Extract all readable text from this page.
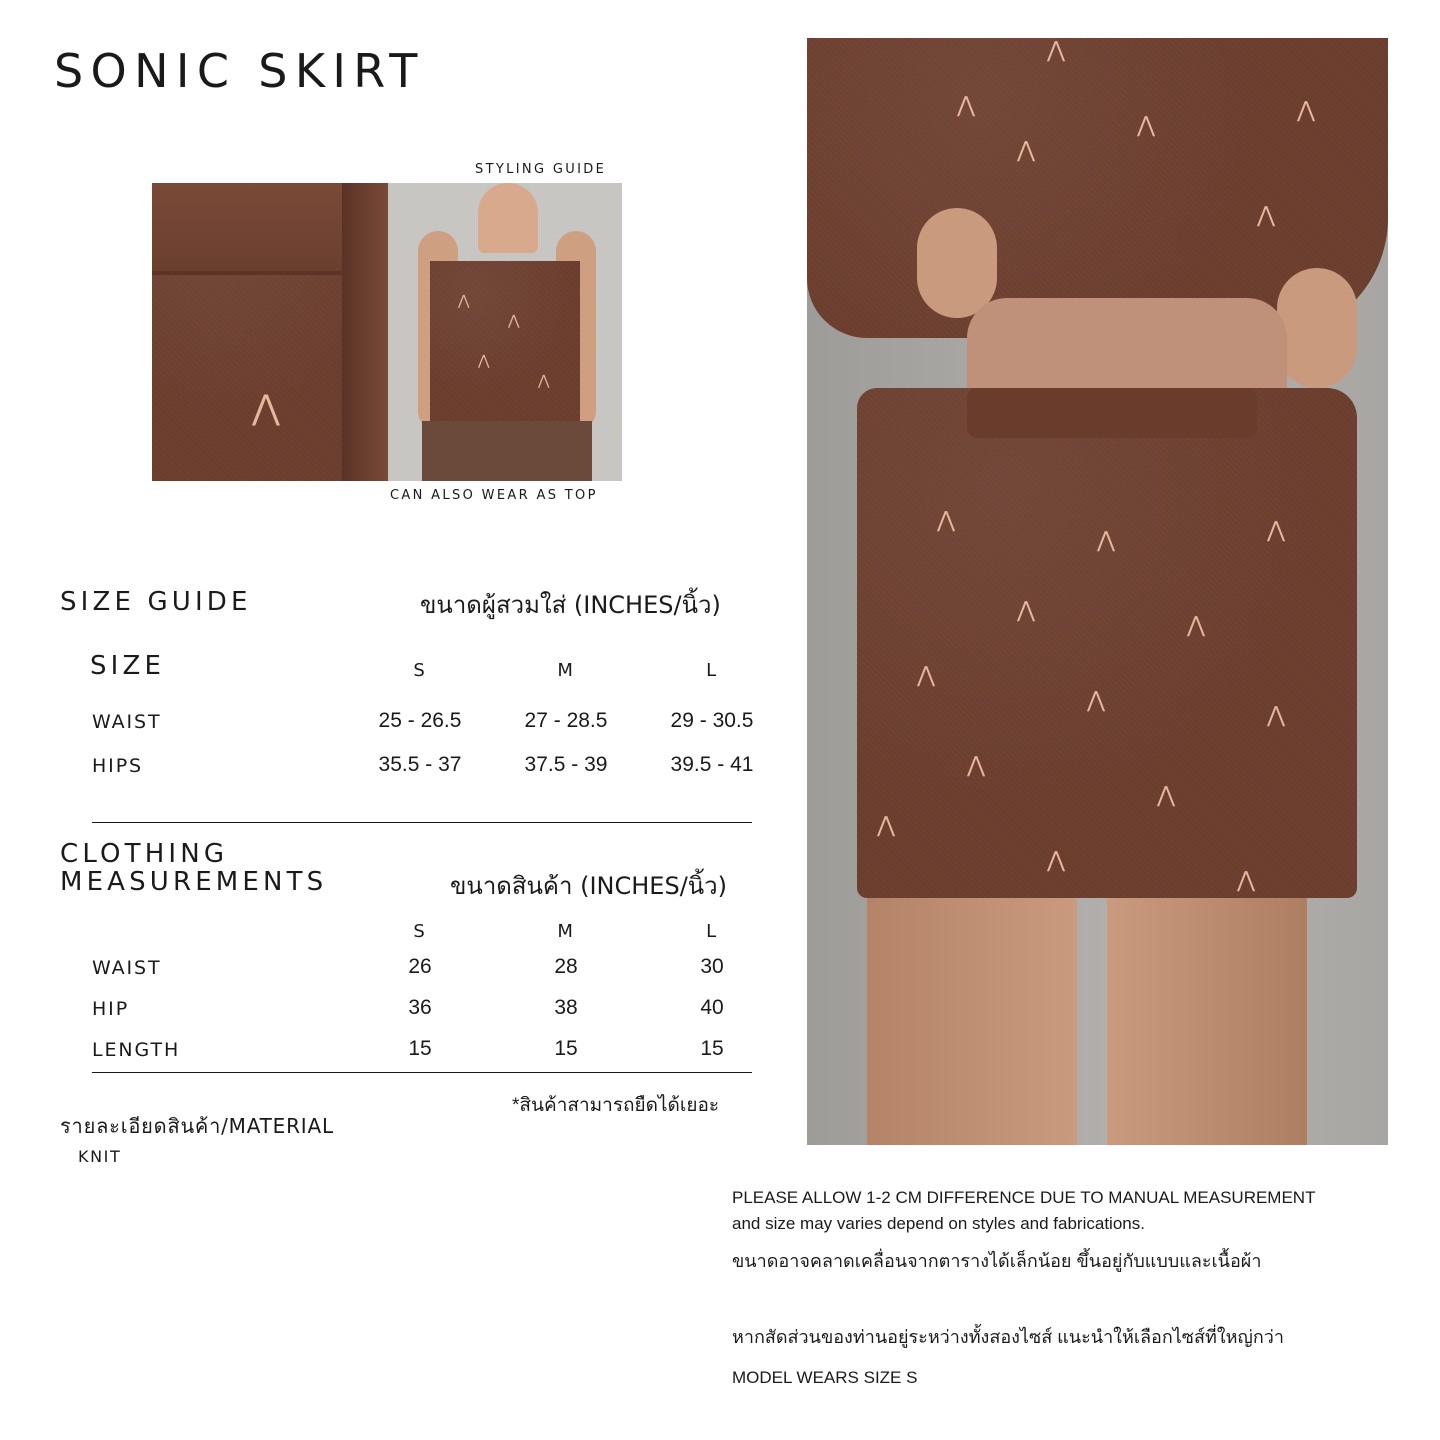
SONIC SKIRT
STYLING GUIDE
⋀
⋀
⋀
⋀
⋀
CAN ALSO WEAR AS TOP
SIZE GUIDE	ขนาดผู้สวมใส่ (INCHES/นิ้ว)
SIZE	S	M	L
WAIST	25 - 26.5	27 - 28.5	29 - 30.5
HIPS	35.5 - 37	37.5 - 39	39.5 - 41
CLOTHING
MEASUREMENTS	ขนาดสินค้า (INCHES/นิ้ว)
S	M	L
WAIST	26	28	30
HIP	36	38	40
LENGTH	15	15	15
*สินค้าสามารถยืดได้เยอะ
รายละเอียดสินค้า/MATERIAL
KNIT
⋀
⋀	⋀
⋀
⋀
⋀
⋀
⋀
⋀
⋀
⋀
⋀
⋀
⋀
⋀
⋀
⋀
⋀
⋀
PLEASE ALLOW 1-2 CM DIFFERENCE DUE TO MANUAL MEASUREMENT
and size may varies depend on styles and fabrications.
ขนาดอาจคลาดเคลื่อนจากตารางได้เล็กน้อย ขึ้นอยู่กับแบบและเนื้อผ้า
หากสัดส่วนของท่านอยู่ระหว่างทั้งสองไซส์ แนะนำให้เลือกไซส์ที่ใหญ่กว่า
MODEL WEARS SIZE S
